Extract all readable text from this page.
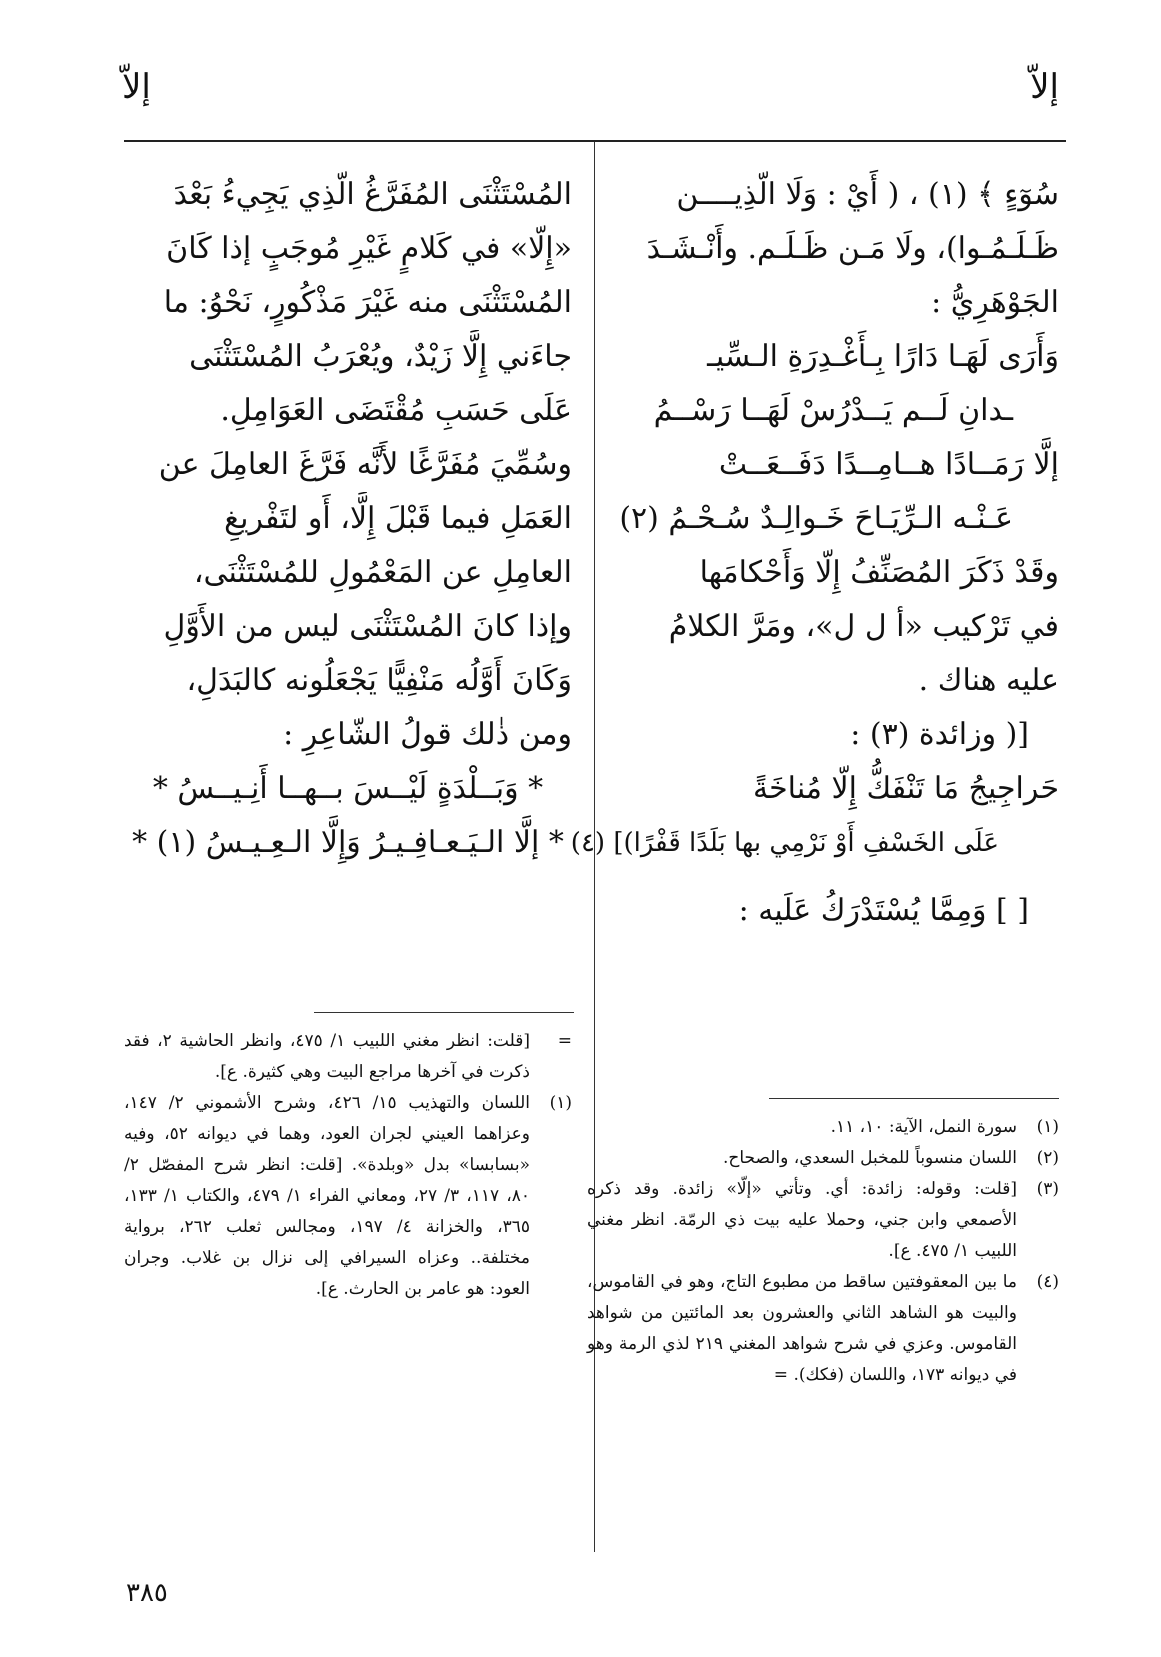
إلاّ
إلاّ
سُوٓءٍ ﴾ (١) ، ( أَيْ : وَلَا الّذِيــــن
ظَـلَـمُـوا)، ولَا مَـن ظَـلَـم. وأَنْـشَـدَ
الجَوْهَرِيُّ :
وَأَرَى لَهَـا دَارًا بِـأَغْـدِرَةِ الـسِّيـ
ـدانِ لَــم يَــدْرُسْ لَهَــا رَسْــمُ
إلَّا رَمَــادًا هــامِــدًا دَفَــعَــتْ
عَـنْـه الـرِّيَـاحَ خَـوالِـدٌ سُـحْـمُ (٢)
وقَدْ ذَكَرَ المُصَنِّفُ إِلّا وَأَحْكامَها
في تَرْكيب «أ ل ل»، ومَرَّ الكلامُ
عليه هناك .
[( وزائدة (٣) :
حَراجِيجُ مَا تَنْفَكُّ إِلّا مُناخَةً
عَلَى الخَسْفِ أَوْ نَرْمِي بها بَلَدًا قَفْرًا)] (٤)
[ ] وَمِمَّا يُسْتَدْرَكُ عَلَيه :
المُسْتَثْنَى المُفَرَّغُ الّذِي يَجِيءُ بَعْدَ
«إِلّا» في كَلامٍ غَيْرِ مُوجَبٍ إذا كَانَ
المُسْتَثْنَى منه غَيْرَ مَذْكُورٍ، نَحْوُ: ما
جاءَني إِلَّا زَيْدٌ، ويُعْرَبُ المُسْتَثْنَى
عَلَى حَسَبِ مُقْتَضَى العَوَامِلِ.
وسُمِّيَ مُفَرَّغًا لأَنَّه فَرَّغَ العامِلَ عن
العَمَلِ فيما قَبْلَ إِلَّا، أَو لتَفْريغِ
العامِلِ عن المَعْمُولِ للمُسْتَثْنَى،
وإذا كانَ المُسْتَثْنَى ليس من الأَوَّلِ
وَكَانَ أَوَّلُه مَنْفِيًّا يَجْعَلُونه كالبَدَلِ،
ومن ذٰلك قولُ الشّاعِرِ :
* وَبَــلْدَةٍ لَيْــسَ بــهــا أَنِـيــسُ *
* إلَّا الـيَـعـافِـيـرُ وَإِلَّا الـعِـيـسُ (١) *
(١)
سورة النمل، الآية: ١٠، ١١.
(٢)
اللسان منسوباً للمخبل السعدي، والصحاح.
(٣)
[قلت: وقوله: زائدة: أي. وتأتي «إلّا» زائدة. وقد ذكره الأصمعي وابن جني، وحملا عليه بيت ذي الرمّة. انظر مغني اللبيب ١/ ٤٧٥. ع].
(٤)
ما بين المعقوفتين ساقط من مطبوع التاج، وهو في القاموس، والبيت هو الشاهد الثاني والعشرون بعد المائتين من شواهد القاموس. وعزي في شرح شواهد المغني ٢١٩ لذي الرمة وهو في ديوانه ١٧٣، واللسان (فكك). =
=
[قلت: انظر مغني اللبيب ١/ ٤٧٥، وانظر الحاشية ٢، فقد ذكرت في آخرها مراجع البيت وهي كثيرة. ع].
(١)
اللسان والتهذيب ١٥/ ٤٢٦، وشرح الأشموني ٢/ ١٤٧، وعزاهما العيني لجران العود، وهما في ديوانه ٥٢، وفيه «بسابسا» بدل «وبلدة». [قلت: انظر شرح المفصّل ٢/ ٨٠، ١١٧، ٣/ ٢٧، ومعاني الفراء ١/ ٤٧٩، والكتاب ١/ ١٣٣، ٣٦٥، والخزانة ٤/ ١٩٧، ومجالس ثعلب ٢٦٢، برواية مختلفة.. وعزاه السيرافي إلى نزال بن غلاب. وجران العود: هو عامر بن الحارث. ع].
٣٨٥
